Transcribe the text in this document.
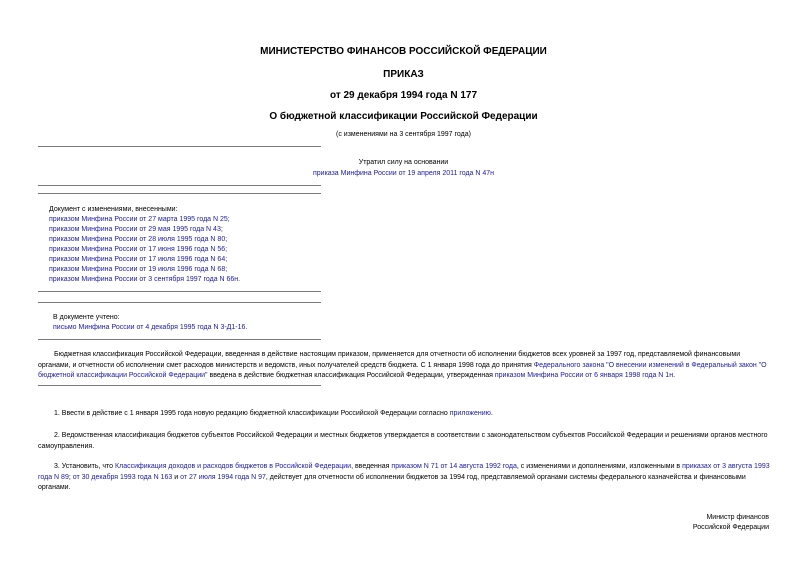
МИНИСТЕРСТВО ФИНАНСОВ РОССИЙСКОЙ ФЕДЕРАЦИИ
ПРИКАЗ
от 29 декабря 1994 года N 177
О бюджетной классификации Российской Федерации
(с изменениями на 3 сентября 1997 года)
Утратил силу на основании
приказа Минфина России от 19 апреля 2011 года N 47н
Документ с изменениями, внесенными:
приказом Минфина России от 27 марта 1995 года N 25;
приказом Минфина России от 29 мая 1995 года N 43;
приказом Минфина России от 28 июля 1995 года N 80;
приказом Минфина России от 17 июня 1996 года N 56;
приказом Минфина России от 17 июля 1996 года N 64;
приказом Минфина России от 19 июля 1996 года N 68;
приказом Минфина России от 3 сентября 1997 года N 66н.
В документе учтено:
письмо Минфина России от 4 декабря 1995 года N 3-Д1-16.
Бюджетная классификация Российской Федерации, введенная в действие настоящим приказом, применяется для отчетности об исполнении бюджетов всех уровней за 1997 год, представляемой финансовыми органами, и отчетности об исполнении смет расходов министерств и ведомств, иных получателей средств бюджета. С 1 января 1998 года до принятия Федерального закона "О внесении изменений в Федеральный закон "О бюджетной классификации Российской Федерации" введена в действие бюджетная классификация Российской Федерации, утвержденная приказом Минфина России от 6 января 1998 года N 1н.
1. Ввести в действие с 1 января 1995 года новую редакцию бюджетной классификации Российской Федерации согласно приложению.
2. Ведомственная классификация бюджетов субъектов Российской Федерации и местных бюджетов утверждается в соответствии с законодательством субъектов Российской Федерации и решениями органов местного самоуправления.
3. Установить, что Классификация доходов и расходов бюджетов в Российской Федерации, введенная приказом N 71 от 14 августа 1992 года, с изменениями и дополнениями, изложенными в приказах от 3 августа 1993 года N 89; от 30 декабря 1993 года N 163 и от 27 июля 1994 года N 97, действует для отчетности об исполнении бюджетов за 1994 год, представляемой органами системы федерального казначейства и финансовыми органами.
Министр финансов
Российской Федерации
